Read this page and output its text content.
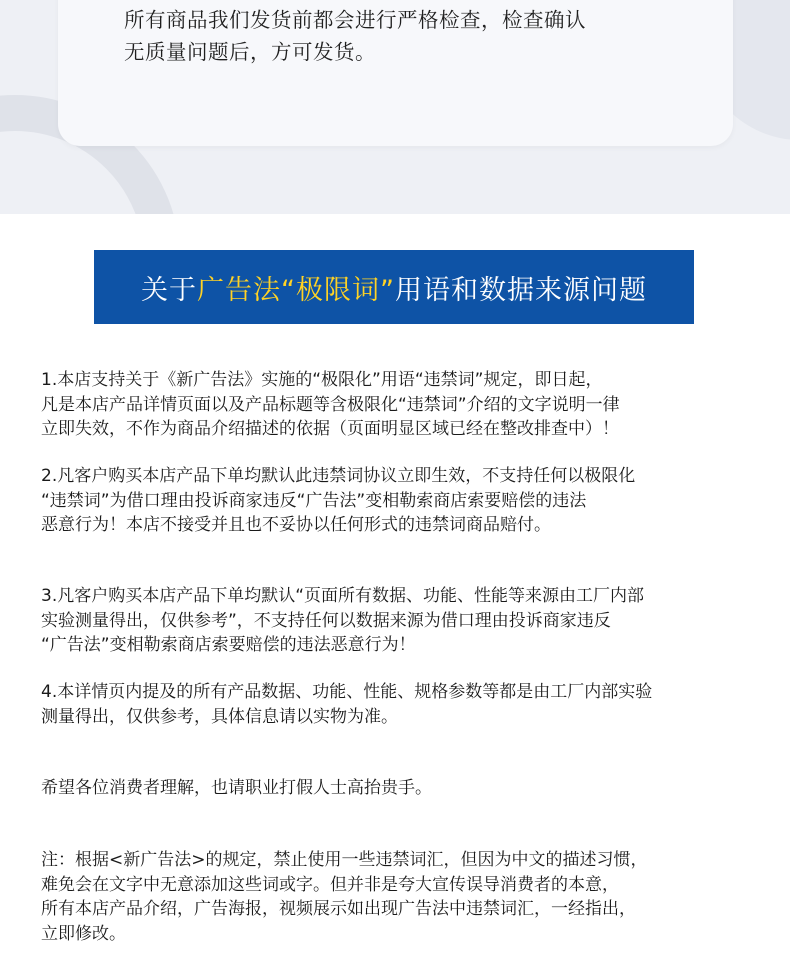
所有商品我们发货前都会进行严格检查，检查确认
无质量问题后，方可发货。
关于 广告法“极限词” 用语和数据来源问题
1.本店支持关于《新广告法》实施的“极限化”用语“违禁词”规定，即日起，
凡是本店产品详情页面以及产品标题等含极限化“违禁词”介绍的文字说明一律
立即失效，不作为商品介绍描述的依据（页面明显区域已经在整改排查中）！
2.凡客户购买本店产品下单均默认此违禁词协议立即生效，不支持任何以极限化
“违禁词”为借口理由投诉商家违反“广告法”变相勒索商店索要赔偿的违法
恶意行为！本店不接受并且也不妥协以任何形式的违禁词商品赔付。
3.凡客户购买本店产品下单均默认“页面所有数据、功能、性能等来源由工厂内部
实验测量得出，仅供参考”，不支持任何以数据来源为借口理由投诉商家违反
“广告法”变相勒索商店索要赔偿的违法恶意行为！
4.本详情页内提及的所有产品数据、功能、性能、规格参数等都是由工厂内部实验
测量得出，仅供参考，具体信息请以实物为准。
希望各位消费者理解，也请职业打假人士高抬贵手。
注：根据<新广告法>的规定，禁止使用一些违禁词汇，但因为中文的描述习惯，
难免会在文字中无意添加这些词或字。但并非是夸大宣传误导消费者的本意，
所有本店产品介绍，广告海报，视频展示如出现广告法中违禁词汇，一经指出，
立即修改。
